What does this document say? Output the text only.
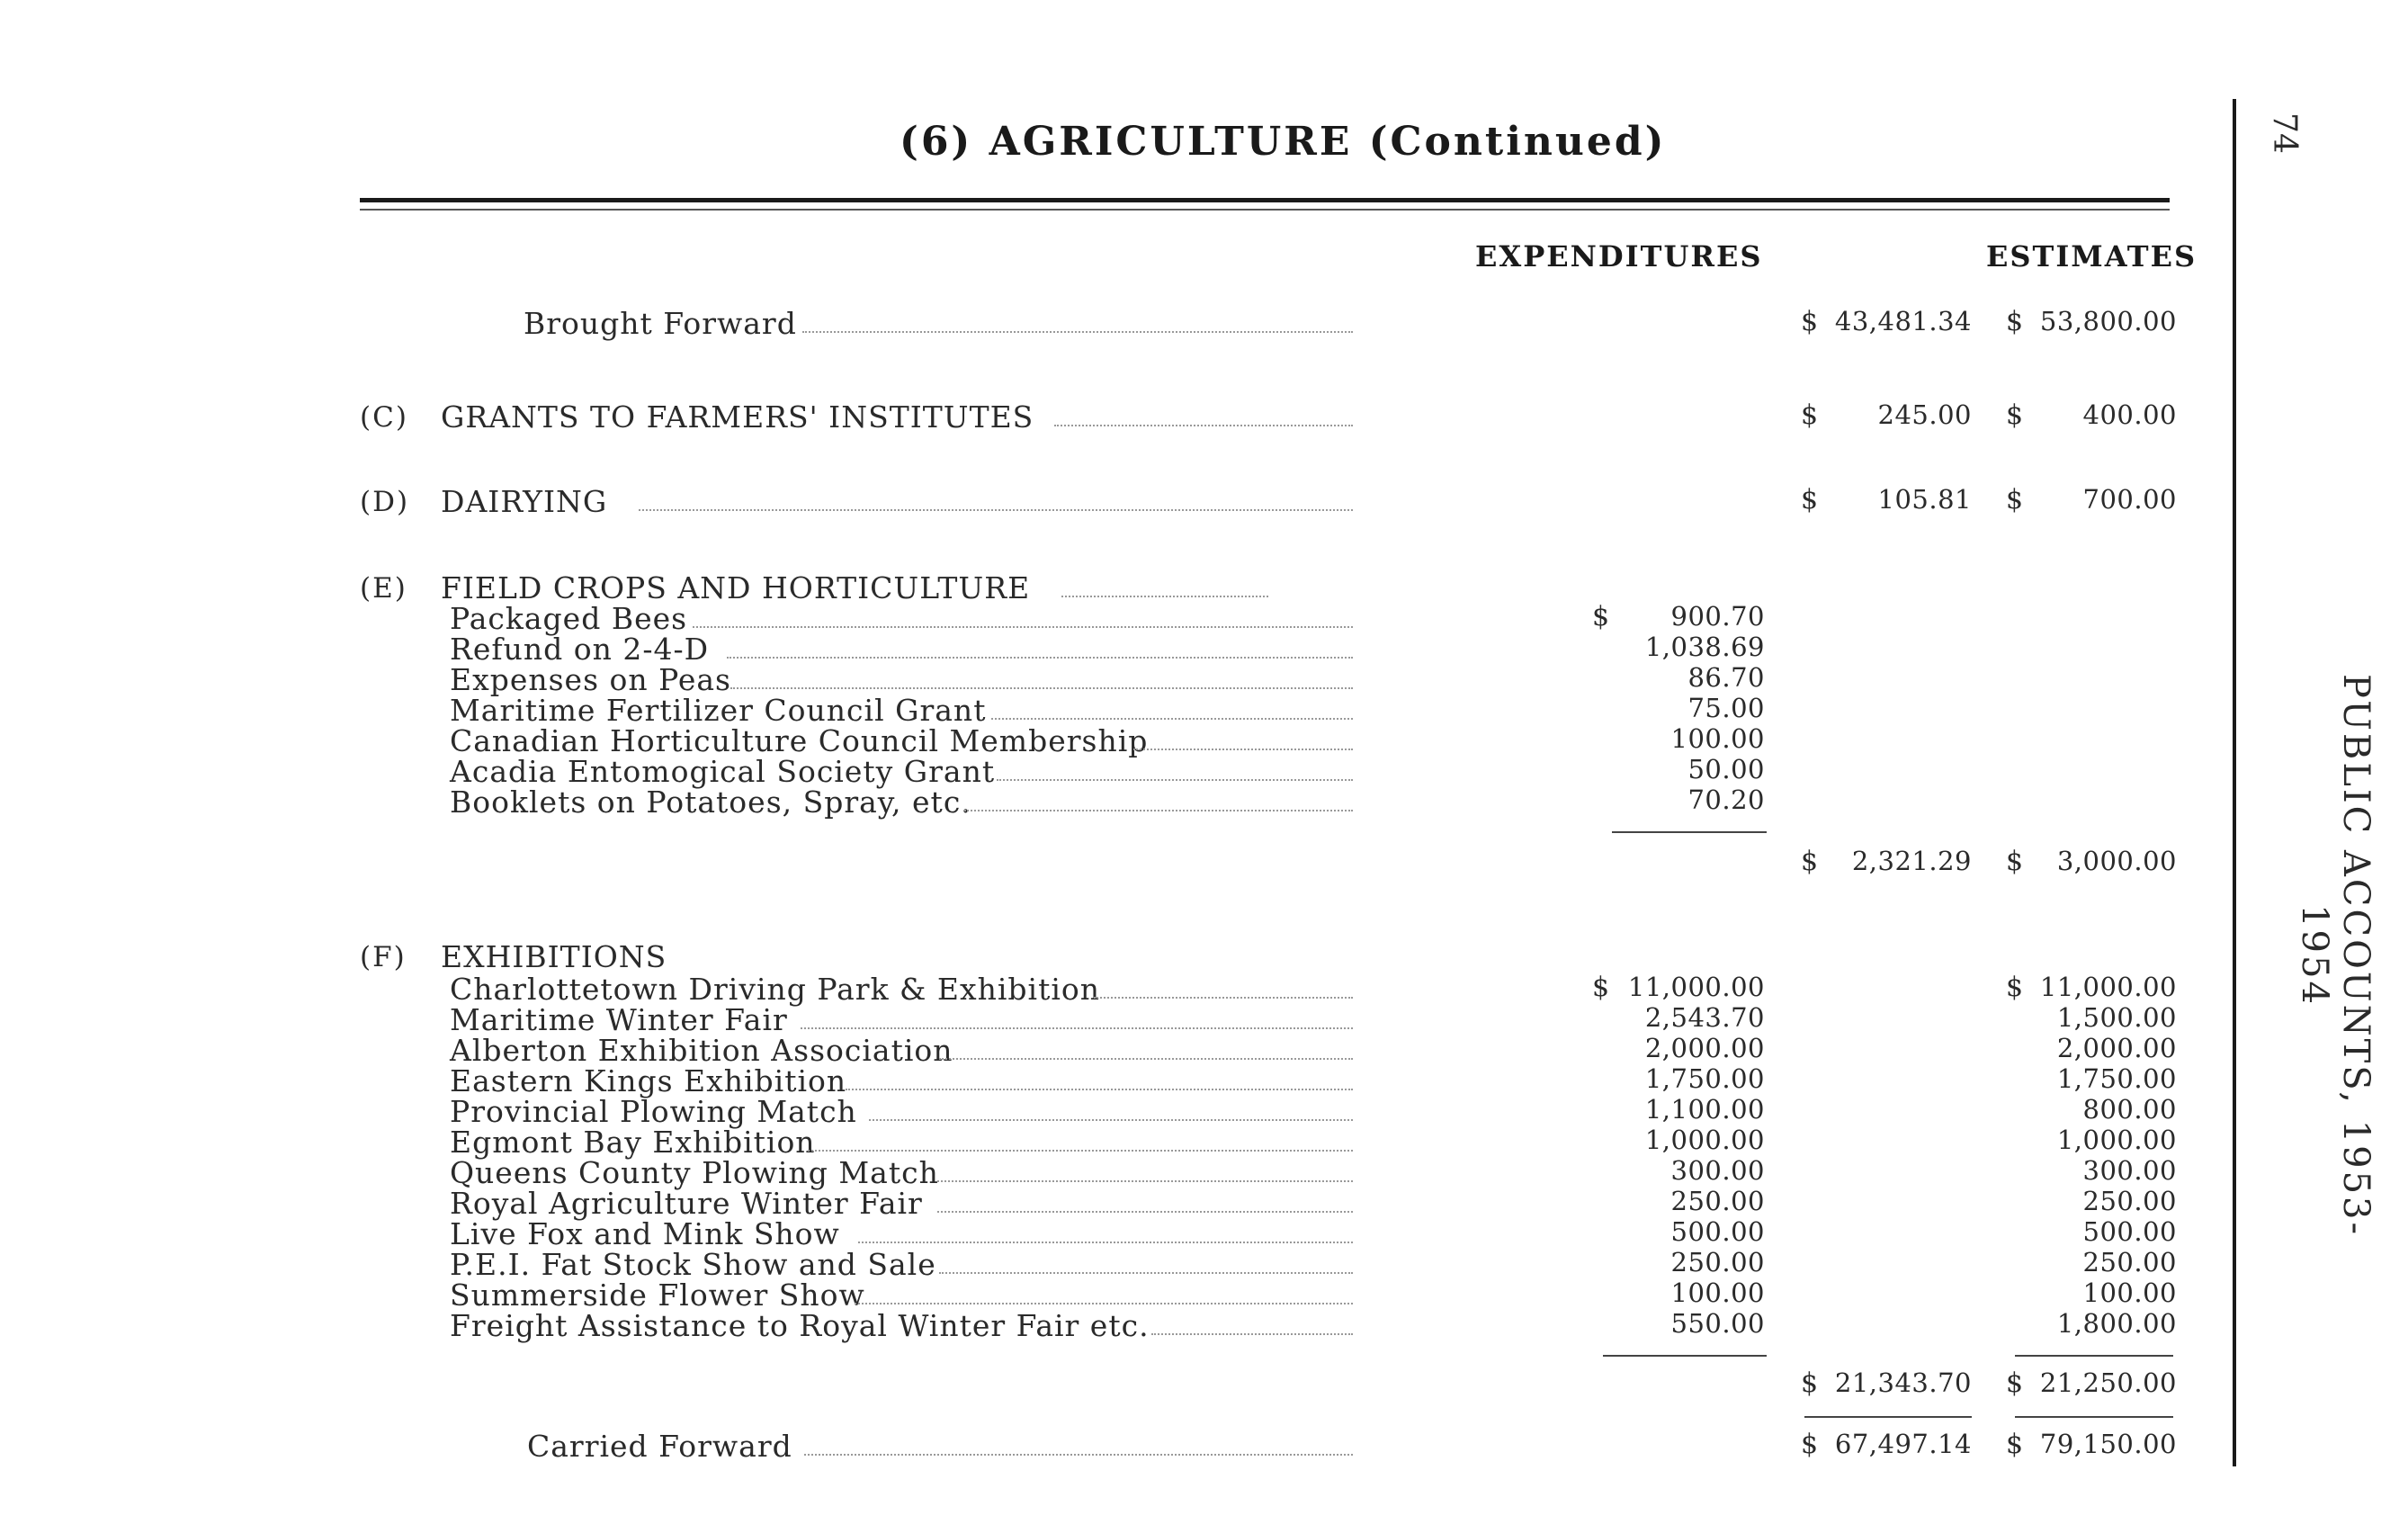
(6) AGRICULTURE (Continued)
EXPENDITURES	ESTIMATES
74
PUBLIC ACCOUNTS, 1953-1954
Brought Forward	$ 43,481.34 $ 53,800.00
(C) GRANTS TO FARMERS' INSTITUTES	$	245.00 $	400.00
(D) DAIRYING	$	105.81 $	700.00
(E) FIELD CROPS AND HORTICULTURE
Packaged Bees	$	900.70
Refund on 2-4-D	1,038.69
Expenses on Peas	86.70
Maritime Fertilizer Council Grant	75.00
Canadian Horticulture Council Membership	100.00
Acadia Entomogical Society Grant	50.00
Booklets on Potatoes, Spray, etc.	70.20
$	2,321.29 $	3,000.00
(F) EXHIBITIONS
Charlottetown Driving Park & Exhibition	$ 11,000.00	$ 11,000.00
Maritime Winter Fair	2,543.70	1,500.00
Alberton Exhibition Association	2,000.00	2,000.00
Eastern Kings Exhibition	1,750.00	1,750.00
Provincial Plowing Match	1,100.00	800.00
Egmont Bay Exhibition	1,000.00	1,000.00
Queens County Plowing Match	300.00	300.00
Royal Agriculture Winter Fair	250.00	250.00
Live Fox and Mink Show	500.00	500.00
P.E.I. Fat Stock Show and Sale	250.00	250.00
Summerside Flower Show	100.00	100.00
Freight Assistance to Royal Winter Fair etc.	550.00	1,800.00
$ 21,343.70 $ 21,250.00
Carried Forward	$ 67,497.14 $ 79,150.00
